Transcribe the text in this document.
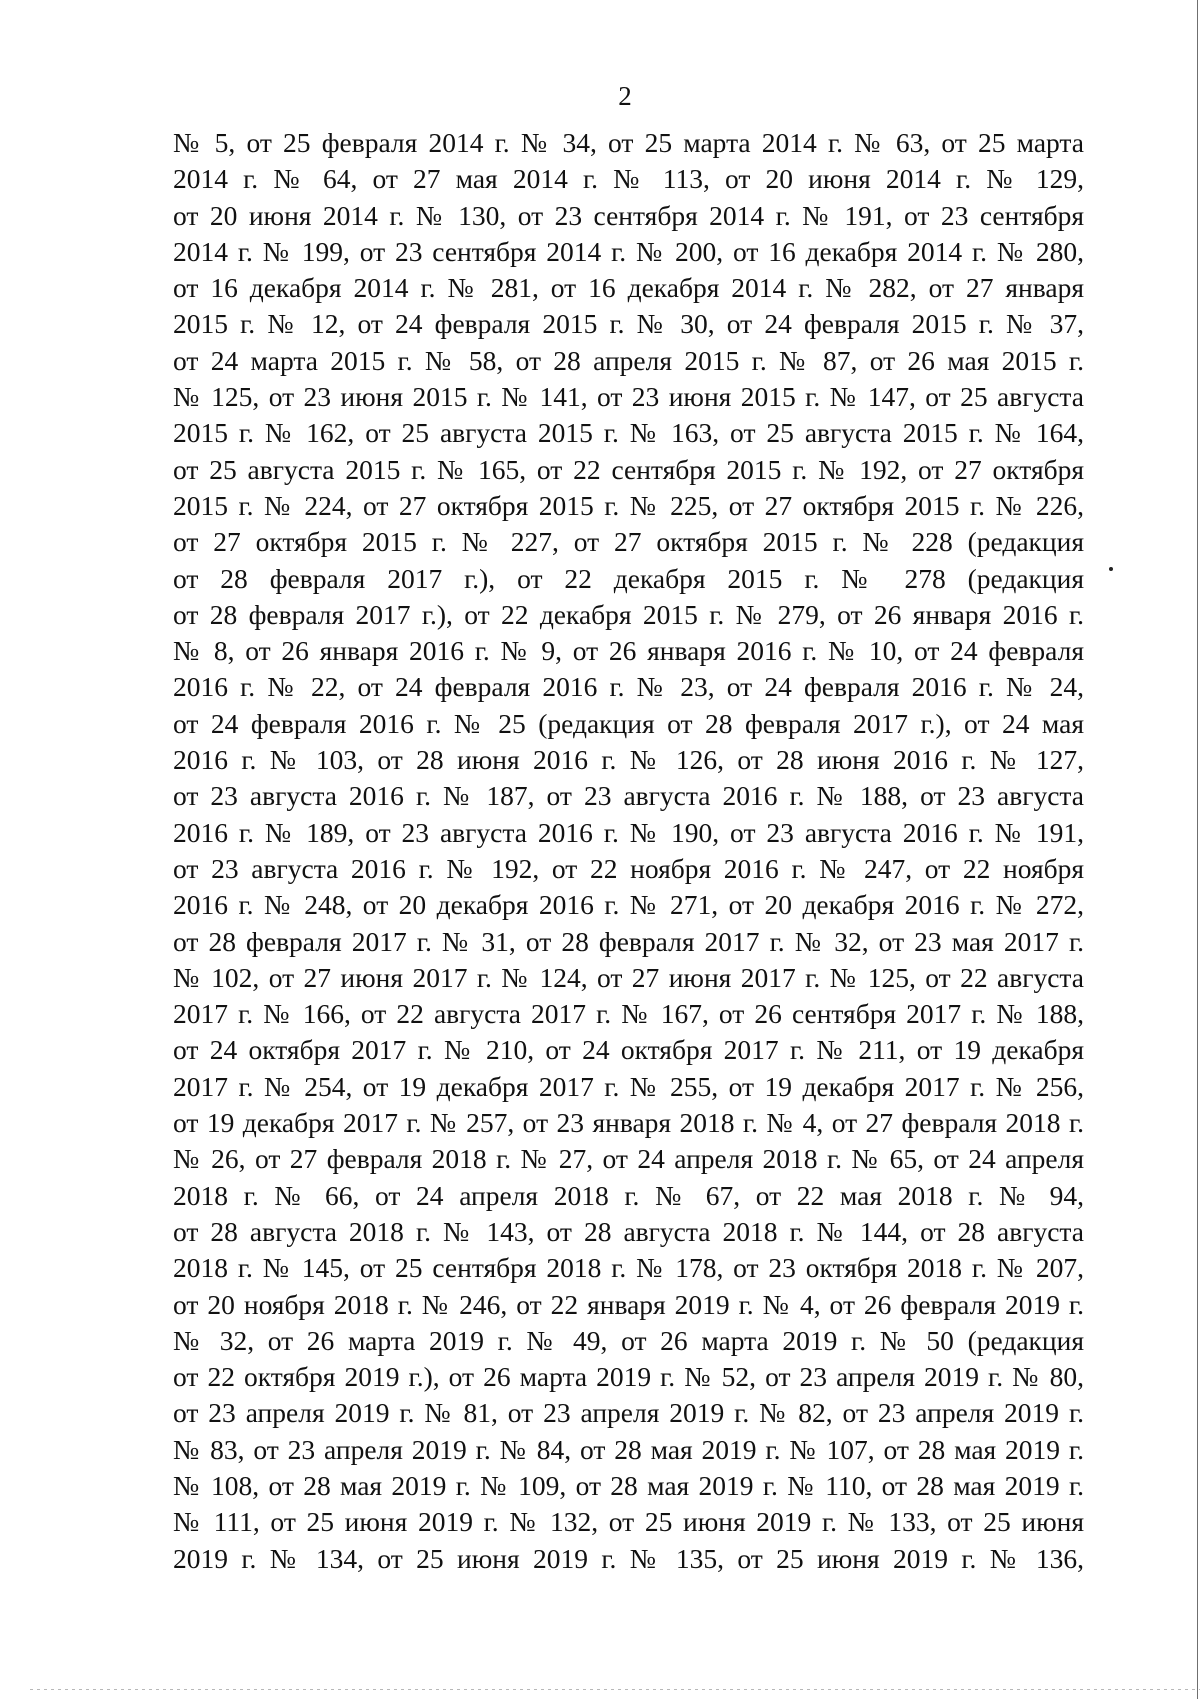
2
№ 5, от 25 февраля 2014 г. № 34, от 25 марта 2014 г. № 63, от 25 марта
2014 г. № 64, от 27 мая 2014 г. № 113, от 20 июня 2014 г. № 129,
от 20 июня 2014 г. № 130, от 23 сентября 2014 г. № 191, от 23 сентября
2014 г. № 199, от 23 сентября 2014 г. № 200, от 16 декабря 2014 г. № 280,
от 16 декабря 2014 г. № 281, от 16 декабря 2014 г. № 282, от 27 января
2015 г. № 12, от 24 февраля 2015 г. № 30, от 24 февраля 2015 г. № 37,
от 24 марта 2015 г. № 58, от 28 апреля 2015 г. № 87, от 26 мая 2015 г.
№ 125, от 23 июня 2015 г. № 141, от 23 июня 2015 г. № 147, от 25 августа
2015 г. № 162, от 25 августа 2015 г. № 163, от 25 августа 2015 г. № 164,
от 25 августа 2015 г. № 165, от 22 сентября 2015 г. № 192, от 27 октября
2015 г. № 224, от 27 октября 2015 г. № 225, от 27 октября 2015 г. № 226,
от 27 октября 2015 г. № 227, от 27 октября 2015 г. № 228 (редакция
от 28 февраля 2017 г.), от 22 декабря 2015 г. № 278 (редакция
от 28 февраля 2017 г.), от 22 декабря 2015 г. № 279, от 26 января 2016 г.
№ 8, от 26 января 2016 г. № 9, от 26 января 2016 г. № 10, от 24 февраля
2016 г. № 22, от 24 февраля 2016 г. № 23, от 24 февраля 2016 г. № 24,
от 24 февраля 2016 г. № 25 (редакция от 28 февраля 2017 г.), от 24 мая
2016 г. № 103, от 28 июня 2016 г. № 126, от 28 июня 2016 г. № 127,
от 23 августа 2016 г. № 187, от 23 августа 2016 г. № 188, от 23 августа
2016 г. № 189, от 23 августа 2016 г. № 190, от 23 августа 2016 г. № 191,
от 23 августа 2016 г. № 192, от 22 ноября 2016 г. № 247, от 22 ноября
2016 г. № 248, от 20 декабря 2016 г. № 271, от 20 декабря 2016 г. № 272,
от 28 февраля 2017 г. № 31, от 28 февраля 2017 г. № 32, от 23 мая 2017 г.
№ 102, от 27 июня 2017 г. № 124, от 27 июня 2017 г. № 125, от 22 августа
2017 г. № 166, от 22 августа 2017 г. № 167, от 26 сентября 2017 г. № 188,
от 24 октября 2017 г. № 210, от 24 октября 2017 г. № 211, от 19 декабря
2017 г. № 254, от 19 декабря 2017 г. № 255, от 19 декабря 2017 г. № 256,
от 19 декабря 2017 г. № 257, от 23 января 2018 г. № 4, от 27 февраля 2018 г.
№ 26, от 27 февраля 2018 г. № 27, от 24 апреля 2018 г. № 65, от 24 апреля
2018 г. № 66, от 24 апреля 2018 г. № 67, от 22 мая 2018 г. № 94,
от 28 августа 2018 г. № 143, от 28 августа 2018 г. № 144, от 28 августа
2018 г. № 145, от 25 сентября 2018 г. № 178, от 23 октября 2018 г. № 207,
от 20 ноября 2018 г. № 246, от 22 января 2019 г. № 4, от 26 февраля 2019 г.
№ 32, от 26 марта 2019 г. № 49, от 26 марта 2019 г. № 50 (редакция
от 22 октября 2019 г.), от 26 марта 2019 г. № 52, от 23 апреля 2019 г. № 80,
от 23 апреля 2019 г. № 81, от 23 апреля 2019 г. № 82, от 23 апреля 2019 г.
№ 83, от 23 апреля 2019 г. № 84, от 28 мая 2019 г. № 107, от 28 мая 2019 г.
№ 108, от 28 мая 2019 г. № 109, от 28 мая 2019 г. № 110, от 28 мая 2019 г.
№ 111, от 25 июня 2019 г. № 132, от 25 июня 2019 г. № 133, от 25 июня
2019 г. № 134, от 25 июня 2019 г. № 135, от 25 июня 2019 г. № 136,
